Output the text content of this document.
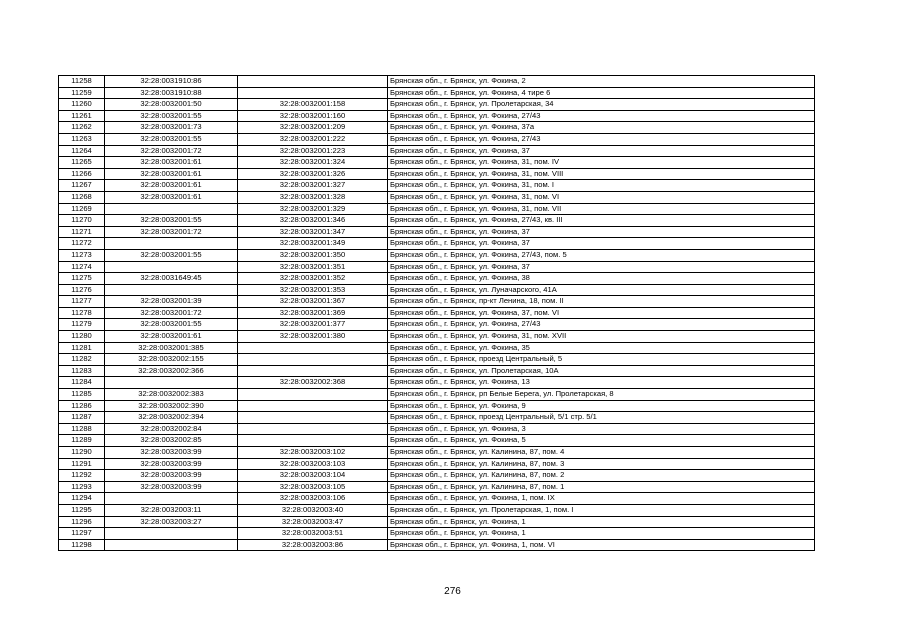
11258	32:28:0031910:86		Брянская обл., г. Брянск, ул. Фокина, 2
11259	32:28:0031910:88		Брянская обл., г. Брянск, ул. Фокина, 4 тире 6
11260	32:28:0032001:50	32:28:0032001:158	Брянская обл., г. Брянск, ул. Пролетарская, 34
11261	32:28:0032001:55	32:28:0032001:160	Брянская обл., г. Брянск, ул. Фокина, 27/43
11262	32:28:0032001:73	32:28:0032001:209	Брянская обл., г. Брянск, ул. Фокина, 37а
11263	32:28:0032001:55	32:28:0032001:222	Брянская обл., г. Брянск, ул. Фокина, 27/43
11264	32:28:0032001:72	32:28:0032001:223	Брянская обл., г. Брянск, ул. Фокина, 37
11265	32:28:0032001:61	32:28:0032001:324	Брянская обл., г. Брянск, ул. Фокина, 31, пом. IV
11266	32:28:0032001:61	32:28:0032001:326	Брянская обл., г. Брянск, ул. Фокина, 31, пом. VIII
11267	32:28:0032001:61	32:28:0032001:327	Брянская обл., г. Брянск, ул. Фокина, 31, пом. I
11268	32:28:0032001:61	32:28:0032001:328	Брянская обл., г. Брянск, ул. Фокина, 31, пом. VI
11269		32:28:0032001:329	Брянская обл., г. Брянск, ул. Фокина, 31, пом. VII
11270	32:28:0032001:55	32:28:0032001:346	Брянская обл., г. Брянск, ул. Фокина, 27/43, кв. III
11271	32:28:0032001:72	32:28:0032001:347	Брянская обл., г. Брянск, ул. Фокина, 37
11272		32:28:0032001:349	Брянская обл., г. Брянск, ул. Фокина, 37
11273	32:28:0032001:55	32:28:0032001:350	Брянская обл., г. Брянск, ул. Фокина, 27/43, пом. 5
11274		32:28:0032001:351	Брянская обл., г. Брянск, ул. Фокина, 37
11275	32:28:0031649:45	32:28:0032001:352	Брянская обл., г. Брянск, ул. Фокина, 38
11276		32:28:0032001:353	Брянская обл., г. Брянск, ул. Луначарского, 41А
11277	32:28:0032001:39	32:28:0032001:367	Брянская обл., г. Брянск, пр-кт Ленина, 18, пом. II
11278	32:28:0032001:72	32:28:0032001:369	Брянская обл., г. Брянск, ул. Фокина, 37, пом. VI
11279	32:28:0032001:55	32:28:0032001:377	Брянская обл., г. Брянск, ул. Фокина, 27/43
11280	32:28:0032001:61	32:28:0032001:380	Брянская обл., г. Брянск, ул. Фокина, 31, пом. XVII
11281	32:28:0032001:385		Брянская обл., г. Брянск, ул. Фокина, 35
11282	32:28:0032002:155		Брянская обл., г. Брянск, проезд Центральный, 5
11283	32:28:0032002:366		Брянская обл., г. Брянск, ул. Пролетарская, 10А
11284		32:28:0032002:368	Брянская обл., г. Брянск, ул. Фокина, 13
11285	32:28:0032002:383		Брянская обл., г. Брянск, рп Белые Берега, ул. Пролетарская, 8
11286	32:28:0032002:390		Брянская обл., г. Брянск, ул. Фокина, 9
11287	32:28:0032002:394		Брянская обл., г. Брянск, проезд Центральный, 5/1 стр. 5/1
11288	32:28:0032002:84		Брянская обл., г. Брянск, ул. Фокина, 3
11289	32:28:0032002:85		Брянская обл., г. Брянск, ул. Фокина, 5
11290	32:28:0032003:99	32:28:0032003:102	Брянская обл., г. Брянск, ул. Калинина, 87, пом. 4
11291	32:28:0032003:99	32:28:0032003:103	Брянская обл., г. Брянск, ул. Калинина, 87, пом. 3
11292	32:28:0032003:99	32:28:0032003:104	Брянская обл., г. Брянск, ул. Калинина, 87, пом. 2
11293	32:28:0032003:99	32:28:0032003:105	Брянская обл., г. Брянск, ул. Калинина, 87, пом. 1
11294		32:28:0032003:106	Брянская обл., г. Брянск, ул. Фокина, 1, пом. IX
11295	32:28:0032003:11	32:28:0032003:40	Брянская обл., г. Брянск, ул. Пролетарская, 1, пом. I
11296	32:28:0032003:27	32:28:0032003:47	Брянская обл., г. Брянск, ул. Фокина, 1
11297		32:28:0032003:51	Брянская обл., г. Брянск, ул. Фокина, 1
11298		32:28:0032003:86	Брянская обл., г. Брянск, ул. Фокина, 1, пом. VI
276
